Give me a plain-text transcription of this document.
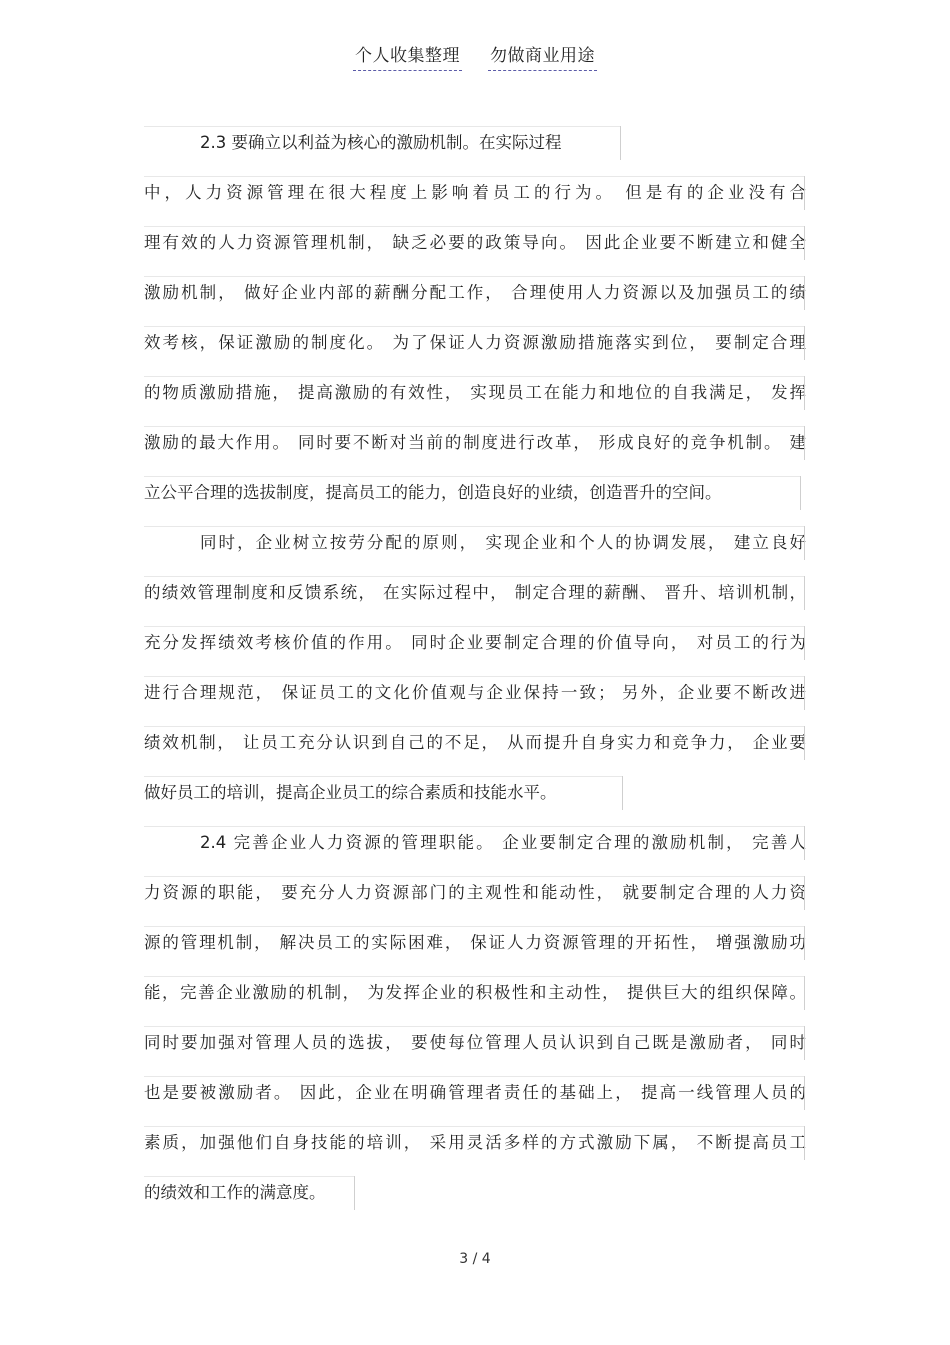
个人收集整理 勿做商业用途
2.3 要确立以利益为核心的激励机制。在实际过程
中，人力资源管理在很大程度上影响着员工的行为。 但是有的企业没有合
理有效的人力资源管理机制， 缺乏必要的政策导向。 因此企业要不断建立和健全
激励机制， 做好企业内部的薪酬分配工作， 合理使用人力资源以及加强员工的绩
效考核，保证激励的制度化。 为了保证人力资源激励措施落实到位， 要制定合理
的物质激励措施， 提高激励的有效性， 实现员工在能力和地位的自我满足， 发挥
激励的最大作用。 同时要不断对当前的制度进行改革， 形成良好的竞争机制。 建
立公平合理的选拔制度，提高员工的能力，创造良好的业绩，创造晋升的空间。
同时，企业树立按劳分配的原则， 实现企业和个人的协调发展， 建立良好
的绩效管理制度和反馈系统， 在实际过程中， 制定合理的薪酬、 晋升、培训机制，
充分发挥绩效考核价值的作用。 同时企业要制定合理的价值导向， 对员工的行为
进行合理规范， 保证员工的文化价值观与企业保持一致； 另外，企业要不断改进
绩效机制， 让员工充分认识到自己的不足， 从而提升自身实力和竞争力， 企业要
做好员工的培训，提高企业员工的综合素质和技能水平。
2.4 完善企业人力资源的管理职能。 企业要制定合理的激励机制， 完善人
力资源的职能， 要充分人力资源部门的主观性和能动性， 就要制定合理的人力资
源的管理机制， 解决员工的实际困难， 保证人力资源管理的开拓性， 增强激励功
能，完善企业激励的机制， 为发挥企业的积极性和主动性， 提供巨大的组织保障。
同时要加强对管理人员的选拔， 要使每位管理人员认识到自己既是激励者， 同时
也是要被激励者。 因此，企业在明确管理者责任的基础上， 提高一线管理人员的
素质，加强他们自身技能的培训， 采用灵活多样的方式激励下属， 不断提高员工
的绩效和工作的满意度。
3 / 4
